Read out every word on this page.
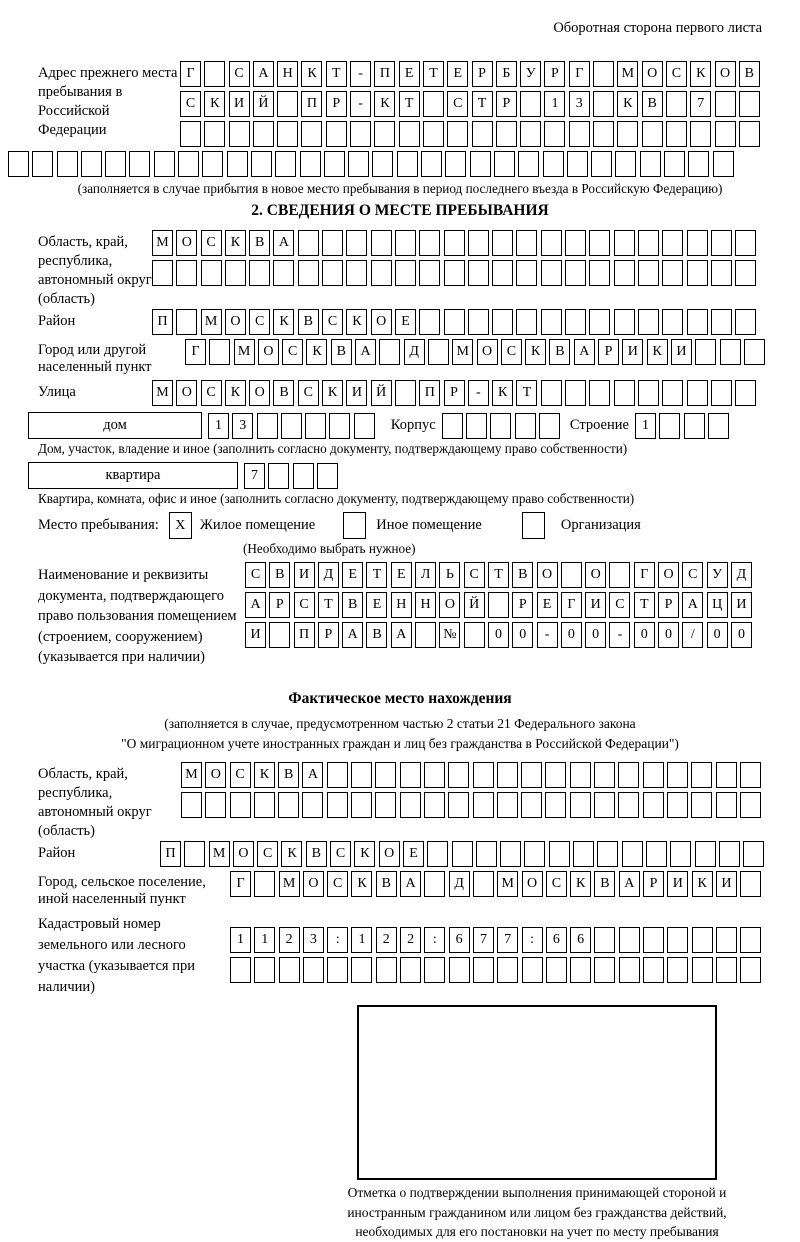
Оборотная сторона первого листа
Адрес прежнего места пребывания в Российской Федерации
Г	С	А	Н	К	Т	-	П	Е	Т	Е	Р	Б	У	Р	Г	М О	С	К	О	В
С	К	И	Й	П	Р	-	К	Т	С	Т	Р	1	3	К	В	7
(заполняется в случае прибытия в новое место пребывания в период последнего въезда в Российскую Федерацию)
2. СВЕДЕНИЯ О МЕСТЕ ПРЕБЫВАНИЯ
Область, край, республика, автономный округ (область)
М О	С	К	В	А
Район	П	М О	С	К	В	С	К	О	Е
Город или другой населенный пункт
Г	М О	С	К	В	А	Д	М О	С	К	В	А	Р	И	К	И
Улица	М О	С	К	О	В	С	К	И	Й	П	Р	-	К	Т
дом	1	3	Корпус	Строение 1
Дом, участок, владение и иное (заполнить согласно документу, подтверждающему право собственности)
квартира	7
Квартира, комната, офис и иное (заполнить согласно документу, подтверждающему право собственности)
Место пребывания:	X Жилое помещение	Иное помещение	Организация
(Необходимо выбрать нужное)
Наименование и реквизиты документа, подтверждающего право пользования помещением (строением, сооружением) (указывается при наличии)
С	В	И	Д	Е	Т	Е	Л	Ь	С	Т	В	О	О	Г	О	С	У	Д
А	Р	С	Т	В	Е	Н	Н	О	Й	Р	Е	Г	И	С	Т	Р	А	Ц	И
И	П	Р	А	В	А	№	0	0	-	0	0	-	0	0	/	0	0
Фактическое место нахождения
(заполняется в случае, предусмотренном частью 2 статьи 21 Федерального закона
"О миграционном учете иностранных граждан и лиц без гражданства в Российской Федерации")
Область, край, республика, автономный округ (область)
М О	С	К	В	А
Район	П	М О	С	К	В	С	К	О	Е
Город, сельское поселение, иной населенный пункт
Г	М О	С	К	В	А	Д	М О	С	К	В	А	Р	И	К	И
Кадастровый номер земельного или лесного участка (указывается при наличии)
1	1	2	3	:	1	2	2	:	6	7	7	:	6	6
Отметка о подтверждении выполнения принимающей стороной и иностранным гражданином или лицом без гражданства действий, необходимых для его постановки на учет по месту пребывания
